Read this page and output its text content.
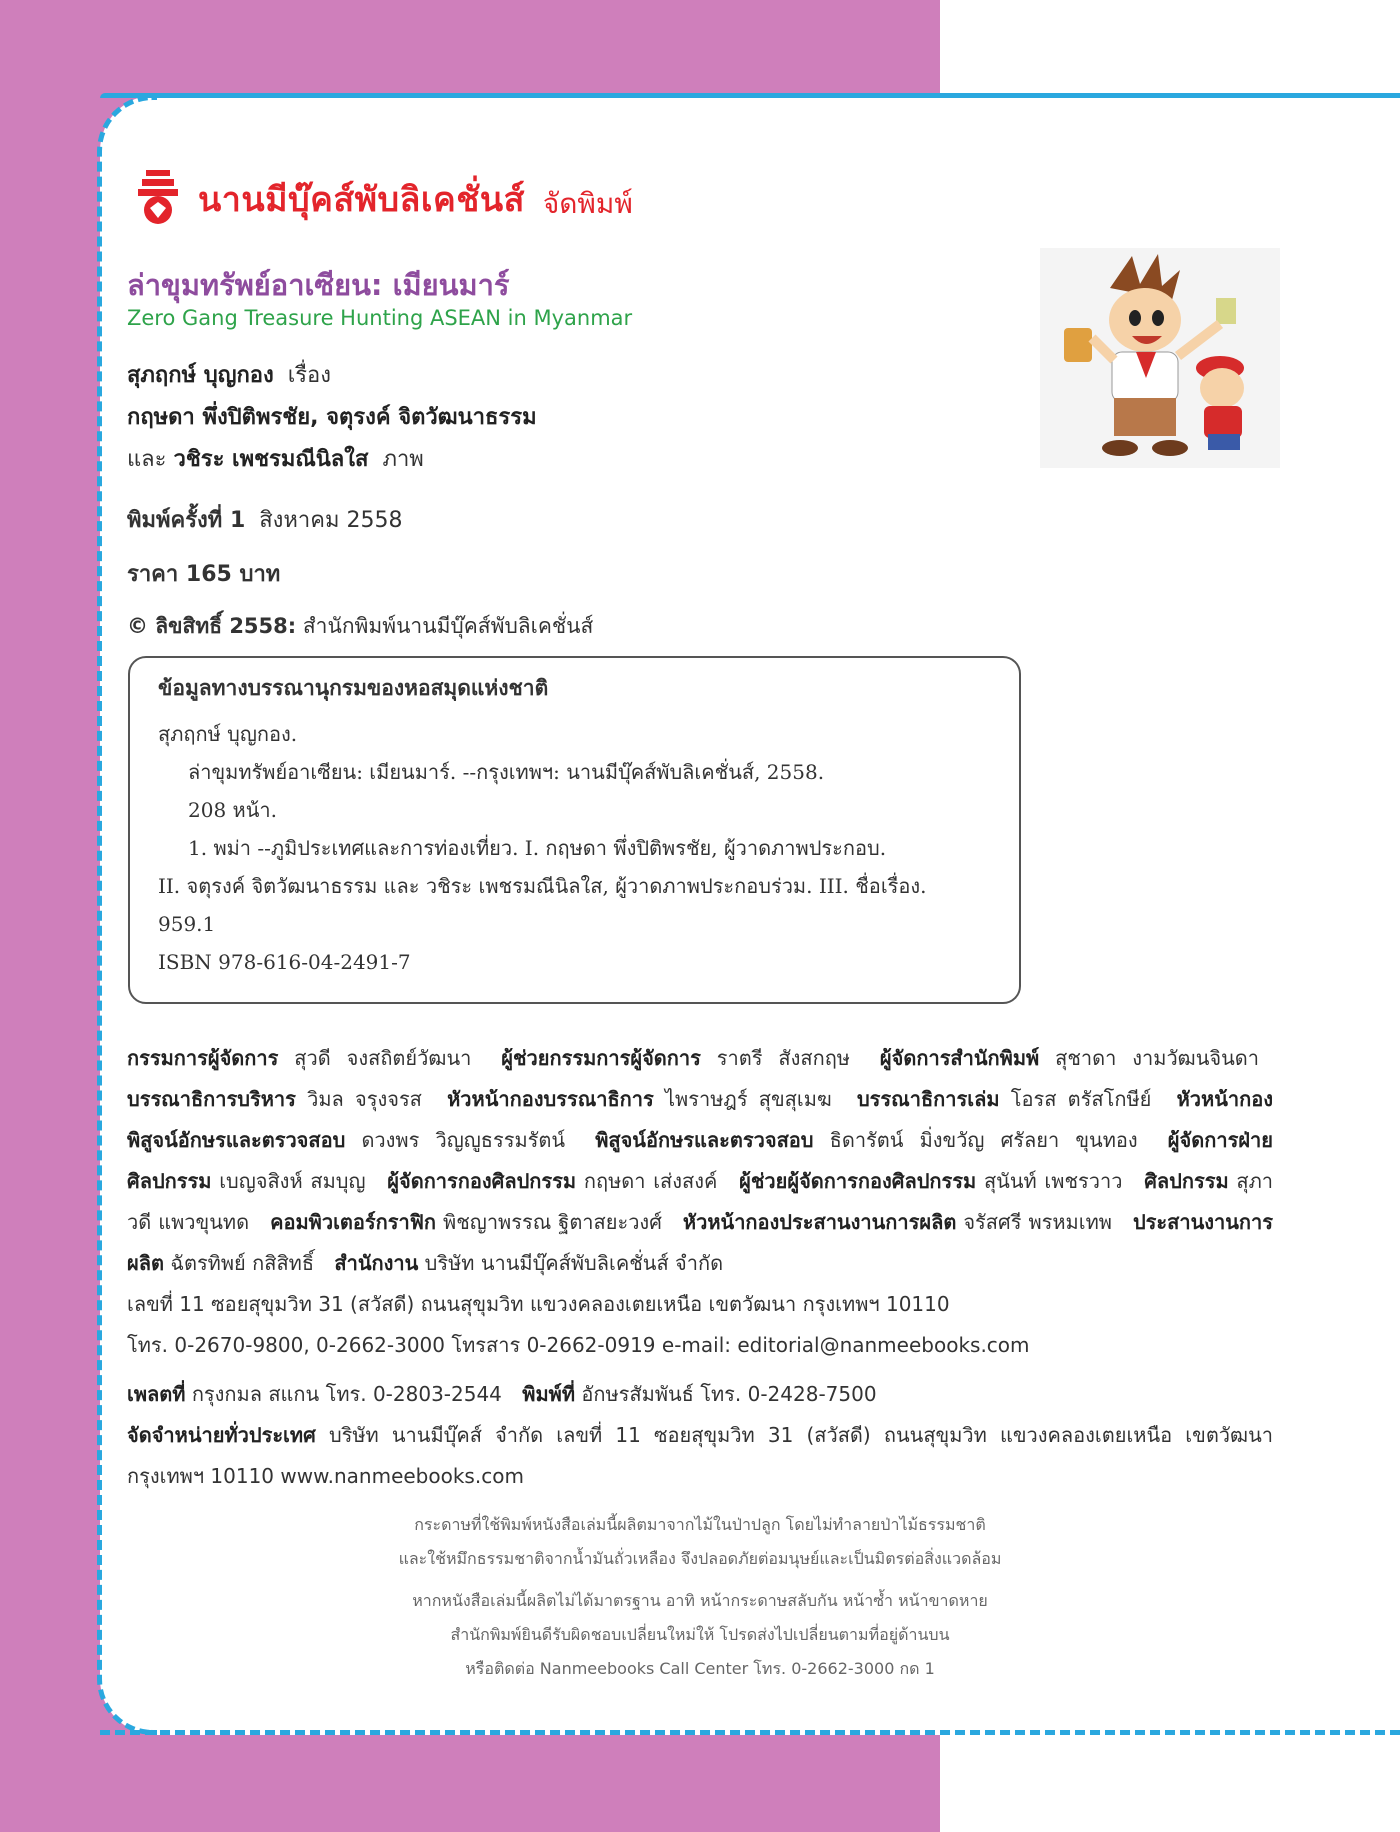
นานมีบุ๊คส์พับลิเคชั่นส์ จัดพิมพ์
ล่าขุมทรัพย์อาเซียน: เมียนมาร์
Zero Gang Treasure Hunting ASEAN in Myanmar
สุภฤกษ์ บุญกอง เรื่อง
กฤษดา พึ่งปิติพรชัย, จตุรงค์ จิตวัฒนาธรรม
และ วชิระ เพชรมณีนิลใส ภาพ
พิมพ์ครั้งที่ 1 สิงหาคม 2558
ราคา 165 บาท
© ลิขสิทธิ์ 2558: สำนักพิมพ์นานมีบุ๊คส์พับลิเคชั่นส์
ข้อมูลทางบรรณานุกรมของหอสมุดแห่งชาติ
สุภฤกษ์ บุญกอง.
ล่าขุมทรัพย์อาเซียน: เมียนมาร์. --กรุงเทพฯ: นานมีบุ๊คส์พับลิเคชั่นส์, 2558.
208 หน้า.
1. พม่า --ภูมิประเทศและการท่องเที่ยว. I. กฤษดา พึ่งปิติพรชัย, ผู้วาดภาพประกอบ.
II. จตุรงค์ จิตวัฒนาธรรม และ วชิระ เพชรมณีนิลใส, ผู้วาดภาพประกอบร่วม. III. ชื่อเรื่อง.
959.1
ISBN 978-616-04-2491-7
กรรมการผู้จัดการ สุวดี จงสถิตย์วัฒนา ผู้ช่วยกรรมการผู้จัดการ ราตรี สังสกฤษ ผู้จัดการสำนักพิมพ์ สุชาดา งามวัฒนจินดา บรรณาธิการบริหาร วิมล จรุงจรส หัวหน้ากองบรรณาธิการ ไพราษฎร์ สุขสุเมฆ บรรณาธิการเล่ม โอรส ตรัสโกษีย์ หัวหน้ากองพิสูจน์อักษรและตรวจสอบ ดวงพร วิญญูธรรมรัตน์ พิสูจน์อักษรและตรวจสอบ ธิดารัตน์ มิ่งขวัญ ศรัลยา ขุนทอง ผู้จัดการฝ่ายศิลปกรรม เบญจสิงห์ สมบุญ ผู้จัดการกองศิลปกรรม กฤษดา เส่งสงค์ ผู้ช่วยผู้จัดการกองศิลปกรรม สุนันท์ เพชรวาว ศิลปกรรม สุภาวดี แพวขุนทด คอมพิวเตอร์กราฟิก พิชญาพรรณ ฐิตาสยะวงศ์ หัวหน้ากองประสานงานการผลิต จรัสศรี พรหมเทพ ประสานงานการผลิต ฉัตรทิพย์ กสิสิทธิ์ สำนักงาน บริษัท นานมีบุ๊คส์พับลิเคชั่นส์ จำกัด
เลขที่ 11 ซอยสุขุมวิท 31 (สวัสดี) ถนนสุขุมวิท แขวงคลองเตยเหนือ เขตวัฒนา กรุงเทพฯ 10110
โทร. 0-2670-9800, 0-2662-3000 โทรสาร 0-2662-0919 e-mail: editorial@nanmeebooks.com
เพลตที่ กรุงกมล สแกน โทร. 0-2803-2544 พิมพ์ที่ อักษรสัมพันธ์ โทร. 0-2428-7500
จัดจำหน่ายทั่วประเทศ บริษัท นานมีบุ๊คส์ จำกัด เลขที่ 11 ซอยสุขุมวิท 31 (สวัสดี) ถนนสุขุมวิท แขวงคลองเตยเหนือ เขตวัฒนา กรุงเทพฯ 10110 www.nanmeebooks.com
กระดาษที่ใช้พิมพ์หนังสือเล่มนี้ผลิตมาจากไม้ในป่าปลูก โดยไม่ทำลายป่าไม้ธรรมชาติ
และใช้หมึกธรรมชาติจากน้ำมันถั่วเหลือง จึงปลอดภัยต่อมนุษย์และเป็นมิตรต่อสิ่งแวดล้อม
หากหนังสือเล่มนี้ผลิตไม่ได้มาตรฐาน อาทิ หน้ากระดาษสลับกัน หน้าซ้ำ หน้าขาดหาย
สำนักพิมพ์ยินดีรับผิดชอบเปลี่ยนใหม่ให้ โปรดส่งไปเปลี่ยนตามที่อยู่ด้านบน
หรือติดต่อ Nanmeebooks Call Center โทร. 0-2662-3000 กด 1
